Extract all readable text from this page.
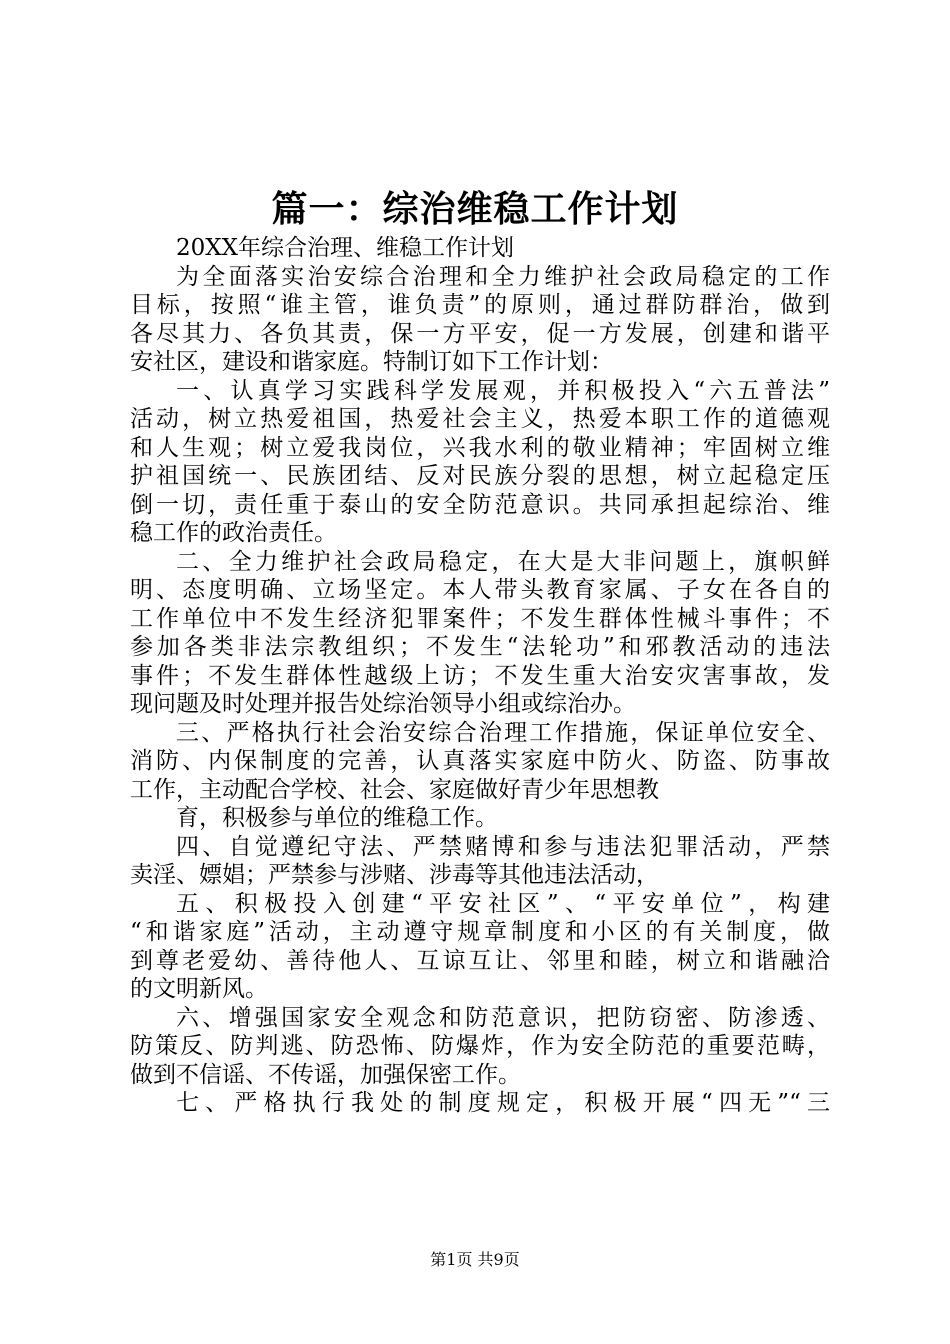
篇一：综治维稳工作计划
20XX年综合治理、维稳工作计划
为全面落实治安综合治理和全力维护社会政局稳定的工作
目标，按照“谁主管，谁负责”的原则，通过群防群治，做到
各尽其力、各负其责，保一方平安，促一方发展，创建和谐平
安社区，建设和谐家庭。特制订如下工作计划：
一、认真学习实践科学发展观，并积极投入“六五普法”
活动，树立热爱祖国，热爱社会主义，热爱本职工作的道德观
和人生观；树立爱我岗位，兴我水利的敬业精神；牢固树立维
护祖国统一、民族团结、反对民族分裂的思想，树立起稳定压
倒一切，责任重于泰山的安全防范意识。共同承担起综治、维
稳工作的政治责任。
二、全力维护社会政局稳定，在大是大非问题上，旗帜鲜
明、态度明确、立场坚定。本人带头教育家属、子女在各自的
工作单位中不发生经济犯罪案件；不发生群体性械斗事件；不
参加各类非法宗教组织；不发生“法轮功”和邪教活动的违法
事件；不发生群体性越级上访；不发生重大治安灾害事故，发
现问题及时处理并报告处综治领导小组或综治办。
三、严格执行社会治安综合治理工作措施，保证单位安全、
消防、内保制度的完善，认真落实家庭中防火、防盗、防事故
工作，主动配合学校、社会、家庭做好青少年思想教
育，积极参与单位的维稳工作。
四、自觉遵纪守法、严禁赌博和参与违法犯罪活动，严禁
卖淫、嫖娼；严禁参与涉赌、涉毒等其他违法活动，
五、积极投入创建“平安社区”、“平安单位”，构建
“和谐家庭”活动，主动遵守规章制度和小区的有关制度，做
到尊老爱幼、善待他人、互谅互让、邻里和睦，树立和谐融洽
的文明新风。
六、增强国家安全观念和防范意识，把防窃密、防渗透、
防策反、防判逃、防恐怖、防爆炸，作为安全防范的重要范畴，
做到不信谣、不传谣，加强保密工作。
七、严格执行我处的制度规定，积极开展“四无”“三
第1页 共9页
